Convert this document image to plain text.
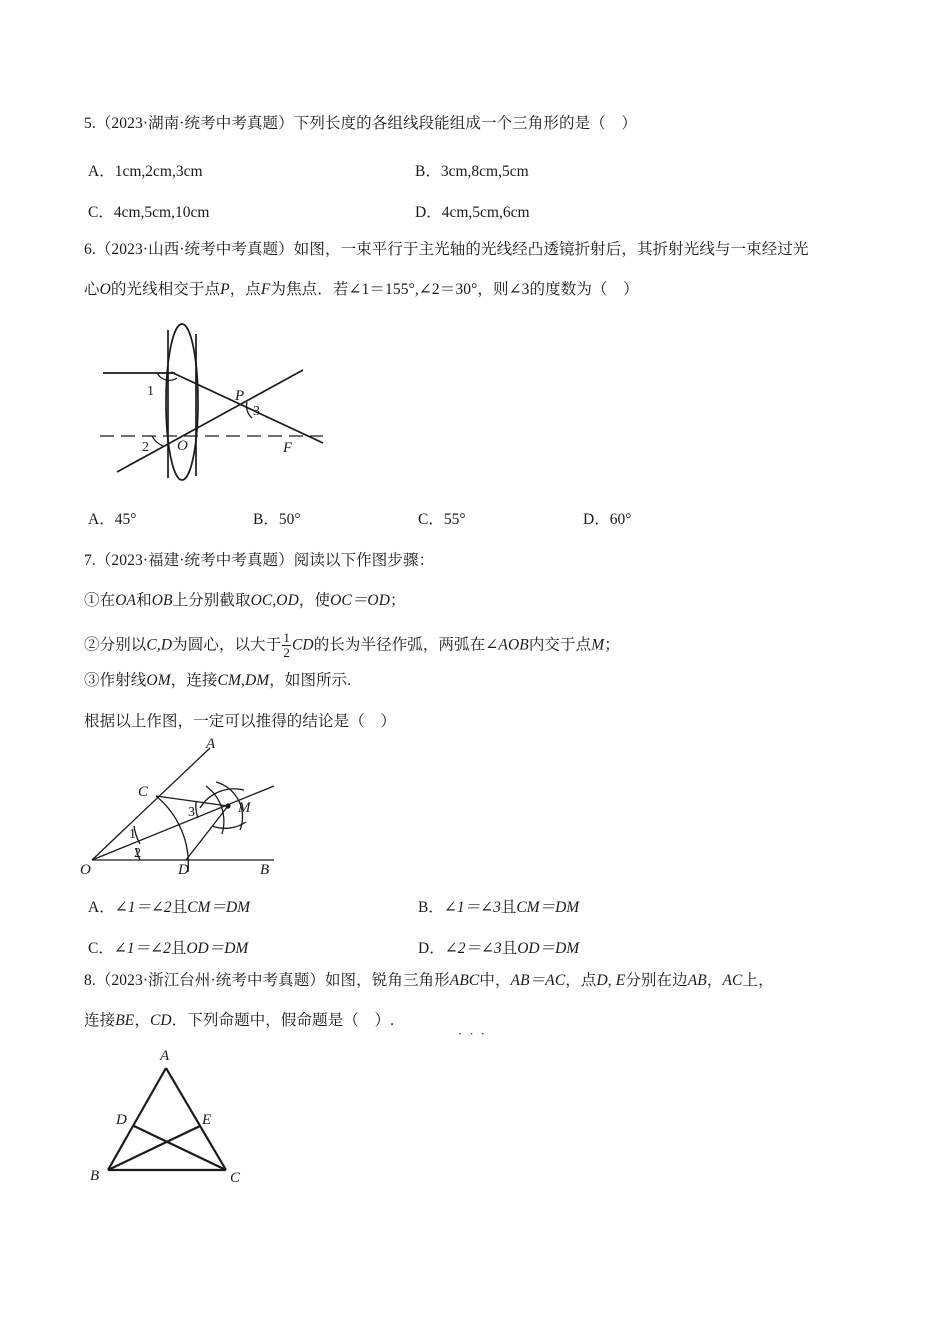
5.（2023·湖南·统考中考真题）下列长度的各组线段能组成一个三角形的是（　）
A．1cm,2cm,3cm	B．3cm,8cm,5cm
C．4cm,5cm,10cm	D．4cm,5cm,6cm
6.（2023·山西·统考中考真题）如图，一束平行于主光轴的光线经凸透镜折射后，其折射光线与一束经过光
心O的光线相交于点P，点F为焦点．若∠1＝155°,∠2＝30°，则∠3的度数为（　）
1
2
3
O
P
F
A．45°	B．50°	C．55°	D．60°
7.（2023·福建·统考中考真题）阅读以下作图步骤：
①在OA和OB上分别截取OC,OD，使OC＝OD；
②分别以C,D为圆心，以大于 $\frac{1}{2}$ CD的长为半径作弧，两弧在∠AOB内交于点M；
③作射线OM，连接CM,DM，如图所示.
根据以上作图，一定可以推得的结论是（　）
O
A
B
C
D
M
1
2
3
A．∠1＝∠2且CM＝DM	B．∠1＝∠3且CM＝DM
C．∠1＝∠2且OD＝DM	D．∠2＝∠3且OD＝DM
8.（2023·浙江台州·统考中考真题）如图，锐角三角形ABC中，AB＝AC，点D, E分别在边AB，AC上，
连接BE，CD．下列命题中，假命题是（　）.
···
A
B	C
D	E
